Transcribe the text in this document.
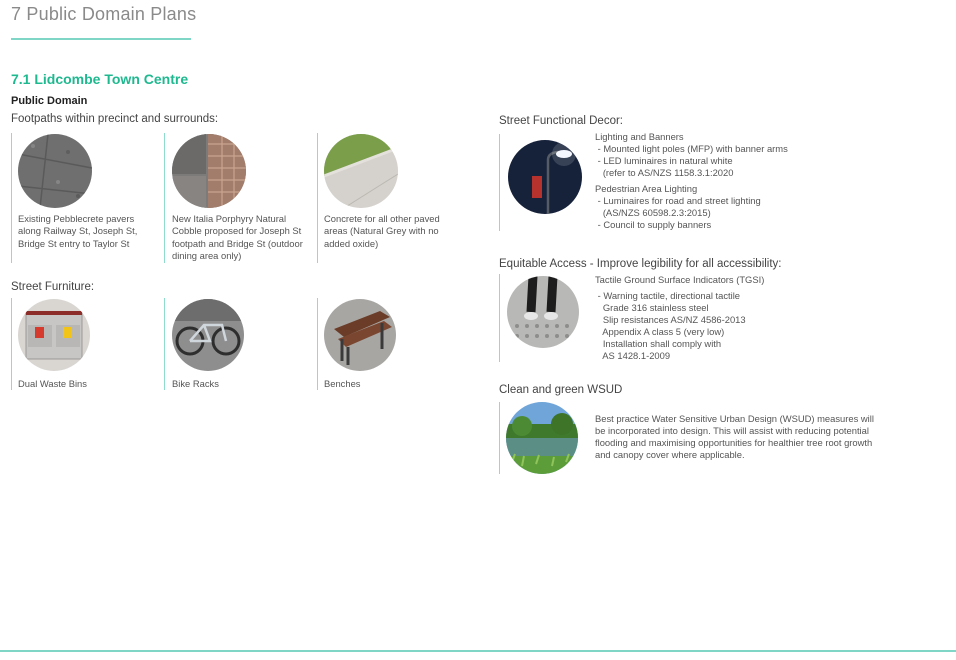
7 Public Domain Plans
7.1 Lidcombe Town Centre
Public Domain
Footpaths within precinct and surrounds:
Existing Pebblecrete pavers along Railway St, Joseph St, Bridge St entry to Taylor St
New Italia Porphyry Natural Cobble proposed for Joseph St footpath and Bridge St (outdoor dining area only)
Concrete for all other paved areas (Natural Grey with no added oxide)
Street Furniture:
Dual Waste Bins	Bike Racks	Benches
Street Functional Decor:
Lighting and Banners
- Mounted light poles (MFP) with banner arms
- LED luminaires in natural white
(refer to AS/NZS 1158.3.1:2020
Pedestrian Area Lighting
- Luminaires for road and street lighting
(AS/NZS 60598.2.3:2015)
- Council to supply banners
Equitable Access - Improve legibility for all accessibility:
Tactile Ground Surface Indicators (TGSI)
- Warning tactile, directional tactile
Grade 316 stainless steel
Slip resistances AS/NZ 4586-2013
Appendix A class 5 (very low)
Installation shall comply with
AS 1428.1-2009
Clean and green WSUD
Best practice Water Sensitive Urban Design (WSUD) measures will
be incorporated into design. This will assist with reducing potential
flooding and maximising opportunities for healthier tree root growth
and canopy cover where applicable.
